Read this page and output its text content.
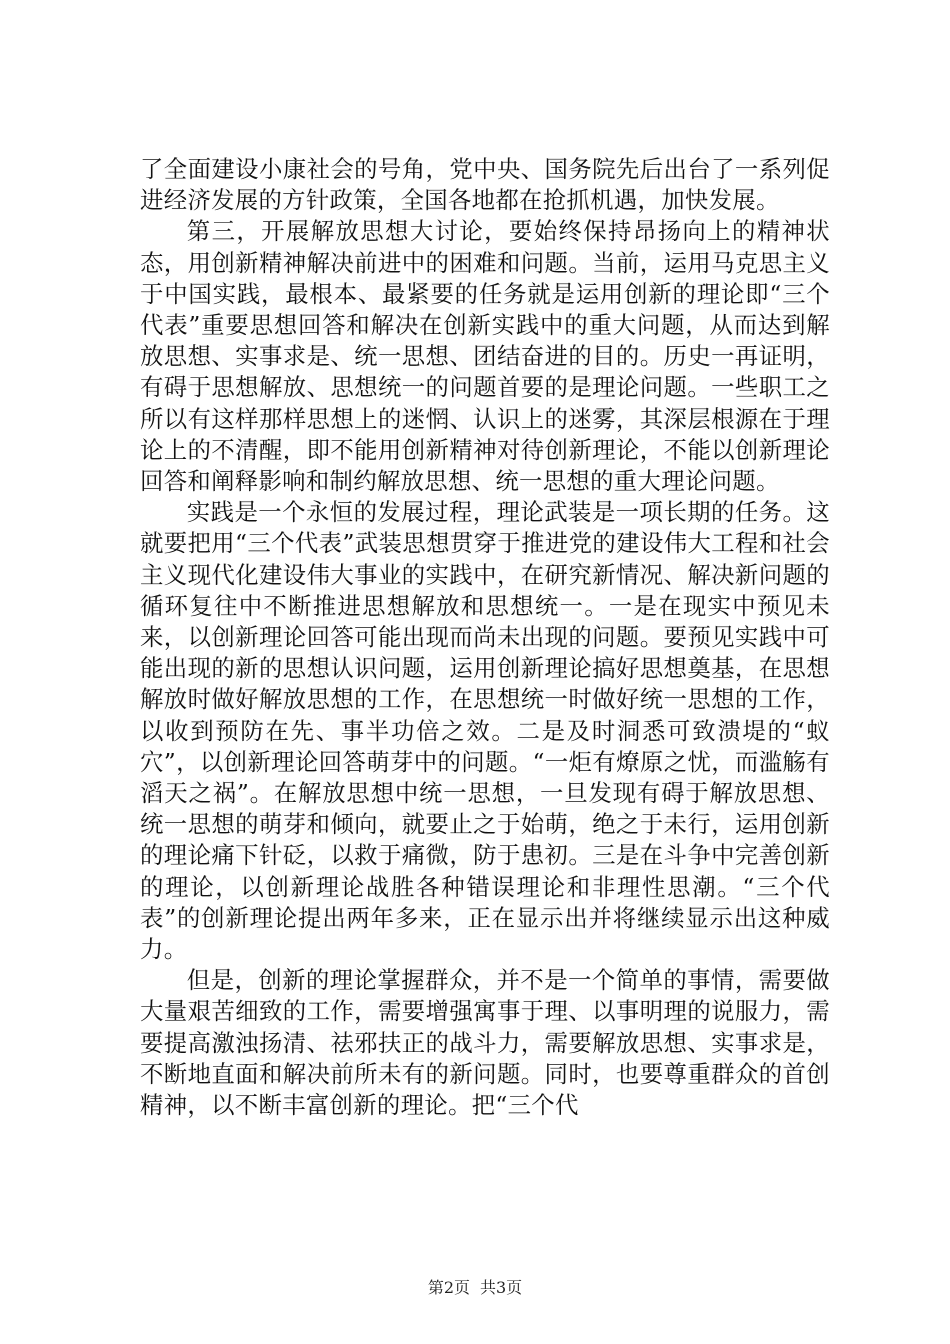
了全面建设小康社会的号角，党中央、国务院先后出台了一系列促进经济发展的方针政策，全国各地都在抢抓机遇，加快发展。

第三，开展解放思想大讨论，要始终保持昂扬向上的精神状态，用创新精神解决前进中的困难和问题。当前，运用马克思主义于中国实践，最根本、最紧要的任务就是运用创新的理论即“三个代表”重要思想回答和解决在创新实践中的重大问题，从而达到解放思想、实事求是、统一思想、团结奋进的目的。历史一再证明，有碍于思想解放、思想统一的问题首要的是理论问题。一些职工之所以有这样那样思想上的迷惘、认识上的迷雾，其深层根源在于理论上的不清醒，即不能用创新精神对待创新理论，不能以创新理论回答和阐释影响和制约解放思想、统一思想的重大理论问题。

实践是一个永恒的发展过程，理论武装是一项长期的任务。这就要把用“三个代表”武装思想贯穿于推进党的建设伟大工程和社会主义现代化建设伟大事业的实践中，在研究新情况、解决新问题的循环复往中不断推进思想解放和思想统一。一是在现实中预见未来，以创新理论回答可能出现而尚未出现的问题。要预见实践中可能出现的新的思想认识问题，运用创新理论搞好思想奠基，在思想解放时做好解放思想的工作，在思想统一时做好统一思想的工作，以收到预防在先、事半功倍之效。二是及时洞悉可致溃堤的“蚁穴”，以创新理论回答萌芽中的问题。“一炬有燎原之忧，而滥觞有滔天之祸”。在解放思想中统一思想，一旦发现有碍于解放思想、统一思想的萌芽和倾向，就要止之于始萌，绝之于未行，运用创新的理论痛下针砭，以救于痛微，防于患初。三是在斗争中完善创新的理论，以创新理论战胜各种错误理论和非理性思潮。“三个代表”的创新理论提出两年多来，正在显示出并将继续显示出这种威力。

但是，创新的理论掌握群众，并不是一个简单的事情，需要做大量艰苦细致的工作，需要增强寓事于理、以事明理的说服力，需要提高激浊扬清、祛邪扶正的战斗力，需要解放思想、实事求是，不断地直面和解决前所未有的新问题。同时，也要尊重群众的首创精神，以不断丰富创新的理论。把“三个代

第2页 共3页
